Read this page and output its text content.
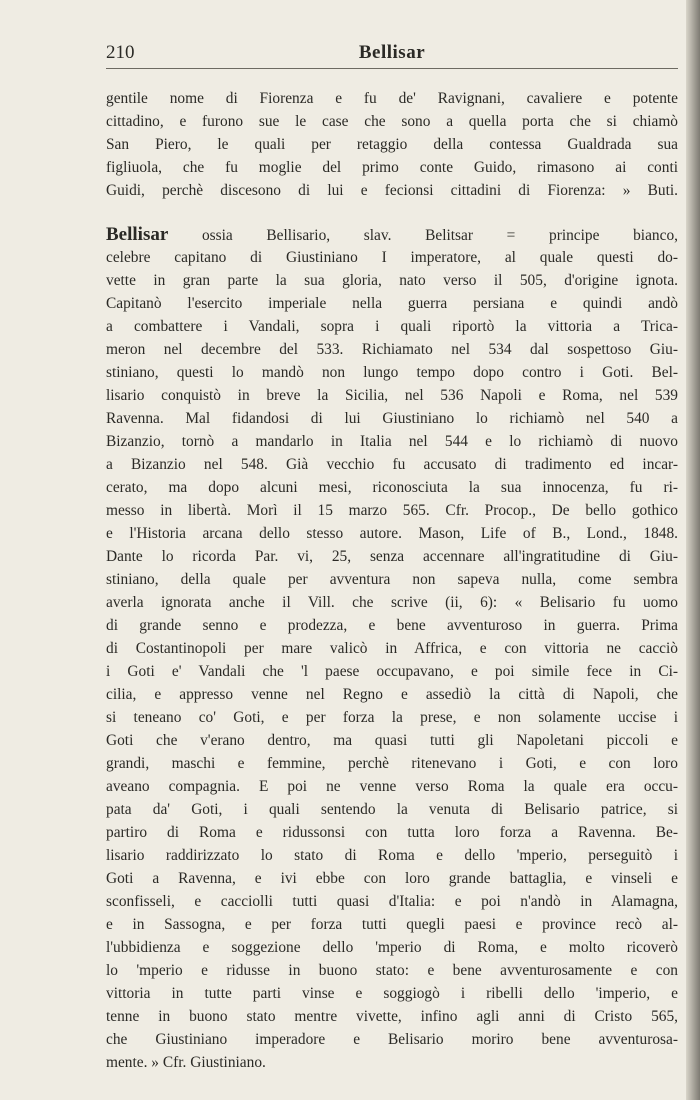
210	Bellisar
gentile nome di Fiorenza e fu de' Ravignani, cavaliere e potente
cittadino, e furono sue le case che sono a quella porta che si chiamò
San Piero, le quali per retaggio della contessa Gualdrada sua
figliuola, che fu moglie del primo conte Guido, rimasono ai conti
Guidi, perchè discesono di lui e fecionsi cittadini di Fiorenza: » Buti.
Bellisar ossia Bellisario, slav. Belitsar = principe bianco,
celebre capitano di Giustiniano I imperatore, al quale questi do-
vette in gran parte la sua gloria, nato verso il 505, d'origine ignota.
Capitanò l'esercito imperiale nella guerra persiana e quindi andò
a combattere i Vandali, sopra i quali riportò la vittoria a Trica-
meron nel decembre del 533. Richiamato nel 534 dal sospettoso Giu-
stiniano, questi lo mandò non lungo tempo dopo contro i Goti. Bel-
lisario conquistò in breve la Sicilia, nel 536 Napoli e Roma, nel 539
Ravenna. Mal fidandosi di lui Giustiniano lo richiamò nel 540 a
Bizanzio, tornò a mandarlo in Italia nel 544 e lo richiamò di nuovo
a Bizanzio nel 548. Già vecchio fu accusato di tradimento ed incar-
cerato, ma dopo alcuni mesi, riconosciuta la sua innocenza, fu ri-
messo in libertà. Morì il 15 marzo 565. Cfr. Procop., De bello gothico
e l'Historia arcana dello stesso autore. Mason, Life of B., Lond., 1848.
Dante lo ricorda Par. vi, 25, senza accennare all'ingratitudine di Giu-
stiniano, della quale per avventura non sapeva nulla, come sembra
averla ignorata anche il Vill. che scrive (ii, 6): « Belisario fu uomo
di grande senno e prodezza, e bene avventuroso in guerra. Prima
di Costantinopoli per mare valicò in Affrica, e con vittoria ne cacciò
i Goti e' Vandali che 'l paese occupavano, e poi simile fece in Ci-
cilia, e appresso venne nel Regno e assediò la città di Napoli, che
si teneano co' Goti, e per forza la prese, e non solamente uccise i
Goti che v'erano dentro, ma quasi tutti gli Napoletani piccoli e
grandi, maschi e femmine, perchè ritenevano i Goti, e con loro
aveano compagnia. E poi ne venne verso Roma la quale era occu-
pata da' Goti, i quali sentendo la venuta di Belisario patrice, si
partiro di Roma e ridussonsi con tutta loro forza a Ravenna. Be-
lisario raddirizzato lo stato di Roma e dello 'mperio, perseguitò i
Goti a Ravenna, e ivi ebbe con loro grande battaglia, e vinseli e
sconfisseli, e cacciolli tutti quasi d'Italia: e poi n'andò in Alamagna,
e in Sassogna, e per forza tutti quegli paesi e province recò al-
l'ubbidienza e soggezione dello 'mperio di Roma, e molto ricoverò
lo 'mperio e ridusse in buono stato: e bene avventurosamente e con
vittoria in tutte parti vinse e soggiogò i ribelli dello 'imperio, e
tenne in buono stato mentre vivette, infino agli anni di Cristo 565,
che Giustiniano imperadore e Belisario moriro bene avventurosa-
mente. » Cfr. Giustiniano.
